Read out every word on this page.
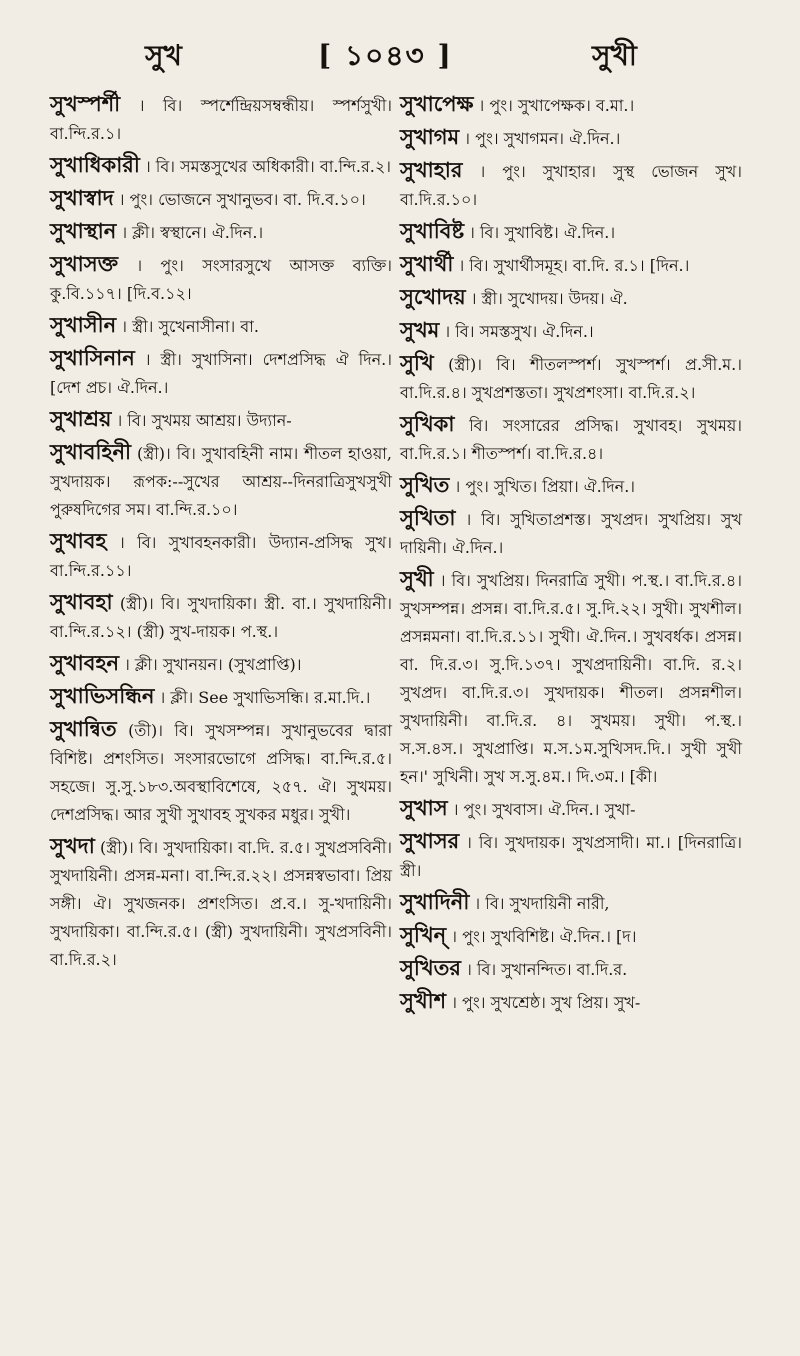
সুখ	[ ১০৪৩ ]	সুখী
সুখস্পর্শী । বি। স্পর্শেন্দ্রিয়সম্বন্ধীয়। স্পর্শসুখী। বা.ন্দি.র.১।
সুখাধিকারী । বি। সমস্তসুখের অধিকারী। বা.ন্দি.র.২।
সুখাস্বাদ । পুং। ভোজনে সুখানুভব। বা. দি.ব.১০।
সুখাস্থান । ক্লী। স্বস্থানে। ঐ.দিন.।
সুখাসক্ত । পুং। সংসারসুখে আসক্ত ব্যক্তি। কু.বি.১১৭। [দি.ব.১২।
সুখাসীন । স্ত্রী। সুখেনাসীনা। বা.
সুখাসিনান । স্ত্রী। সুখাসিনা। দেশপ্রসিদ্ধ ঐ দিন.। [দেশ প্রচ। ঐ.দিন.।
সুখাশ্রয় । বি। সুখময় আশ্রয়। উদ্যান-
সুখাবহিনী (স্ত্রী)। বি। সুখাবহিনী নাম। শীতল হাওয়া, সুখদায়ক। রূপক:--সুখের আশ্রয়--দিনরাত্রিসুখসুখী পুরুষদিগের সম। বা.ন্দি.র.১০।
সুখাবহ । বি। সুখাবহনকারী। উদ্যান-প্রসিদ্ধ সুখ। বা.ন্দি.র.১১।
সুখাবহা (স্ত্রী)। বি। সুখদায়িকা। স্ত্রী. বা.। সুখদায়িনী। বা.ন্দি.র.১২। (স্ত্রী) সুখ-দায়ক। প.স্থ.।
সুখাবহন । ক্লী। সুখানয়ন। (সুখপ্রাপ্তি)।
সুখাভিসন্ধিন । ক্লী। See সুখাভিসন্ধি। র.মা.দি.।
সুখান্বিত (তী)। বি। সুখসম্পন্ন। সুখানুভবের দ্বারা বিশিষ্ট। প্রশংসিত। সংসারভোগে প্রসিদ্ধ। বা.ন্দি.র.৫। সহজে। সু.সু.১৮৩.অবস্থাবিশেষে, ২৫৭. ঐ। সুখময়। দেশপ্রসিদ্ধ। আর সুখী সুখাবহ সুখকর মধুর। সুখী।
সুখদা (স্ত্রী)। বি। সুখদায়িকা। বা.দি. র.৫। সুখপ্রসবিনী। সুখদায়িনী। প্রসন্ন-মনা। বা.ন্দি.র.২২। প্রসন্নস্বভাবা। প্রিয় সঙ্গী। ঐ। সুখজনক। প্রশংসিত। প্র.ব.। সু-খদায়িনী। সুখদায়িকা। বা.ন্দি.র.৫। (স্ত্রী) সুখদায়িনী। সুখপ্রসবিনী। বা.দি.র.২।
সুখাপেক্ষ । পুং। সুখাপেক্ষক। ব.মা.।
সুখাগম । পুং। সুখাগমন। ঐ.দিন.।
সুখাহার । পুং। সুখাহার। সুস্থ ভোজন সুখ। বা.দি.র.১০।
সুখাবিষ্ট । বি। সুখাবিষ্ট। ঐ.দিন.।
সুখার্থী । বি। সুখার্থীসমূহ। বা.দি. র.১। [দিন.।
সুখোদয় । স্ত্রী। সুখোদয়। উদয়। ঐ.
সুখম । বি। সমস্তসুখ। ঐ.দিন.।
সুখি (স্ত্রী)। বি। শীতলস্পর্শ। সুখস্পর্শ। প্র.সী.ম.। বা.দি.র.৪। সুখপ্রশস্ততা। সুখপ্রশংসা। বা.দি.র.২।
সুখিকা বি। সংসারের প্রসিদ্ধ। সুখাবহ। সুখময়। বা.দি.র.১। শীতস্পর্শ। বা.দি.র.৪।
সুখিত । পুং। সুখিত। প্রিয়া। ঐ.দিন.।
সুখিতা । বি। সুখিতাপ্রশস্ত। সুখপ্রদ। সুখপ্রিয়। সুখ দায়িনী। ঐ.দিন.।
সুখী । বি। সুখপ্রিয়। দিনরাত্রি সুখী। প.স্থ.। বা.দি.র.৪। সুখসম্পন্ন। প্রসন্ন। বা.দি.র.৫। সু.দি.২২। সুখী। সুখশীল। প্রসন্নমনা। বা.দি.র.১১। সুখী। ঐ.দিন.। সুখবর্ধক। প্রসন্ন। বা. দি.র.৩। সু.দি.১৩৭। সুখপ্রদায়িনী। বা.দি. র.২। সুখপ্রদ। বা.দি.র.৩। সুখদায়ক। শীতল। প্রসন্নশীল। সুখদায়িনী। বা.দি.র. ৪। সুখময়। সুখী। প.স্থ.। স.স.৪স.। সুখপ্রাপ্তি। ম.স.১ম.সুখিসদ.দি.। সুখী সুখী হন।' সুখিনী। সুখ স.সু.৪ম.। দি.৩ম.। [কী।
সুখাস । পুং। সুখবাস। ঐ.দিন.। সুখা-
সুখাসর । বি। সুখদায়ক। সুখপ্রসাদী। মা.। [দিনরাত্রি। স্ত্রী।
সুখাদিনী । বি। সুখদায়িনী নারী,
সুখিন্ । পুং। সুখবিশিষ্ট। ঐ.দিন.। [দ।
সুখিতর । বি। সুখানন্দিত। বা.দি.র.
সুখীশ । পুং। সুখশ্রেষ্ঠ। সুখ প্রিয়। সুখ-
